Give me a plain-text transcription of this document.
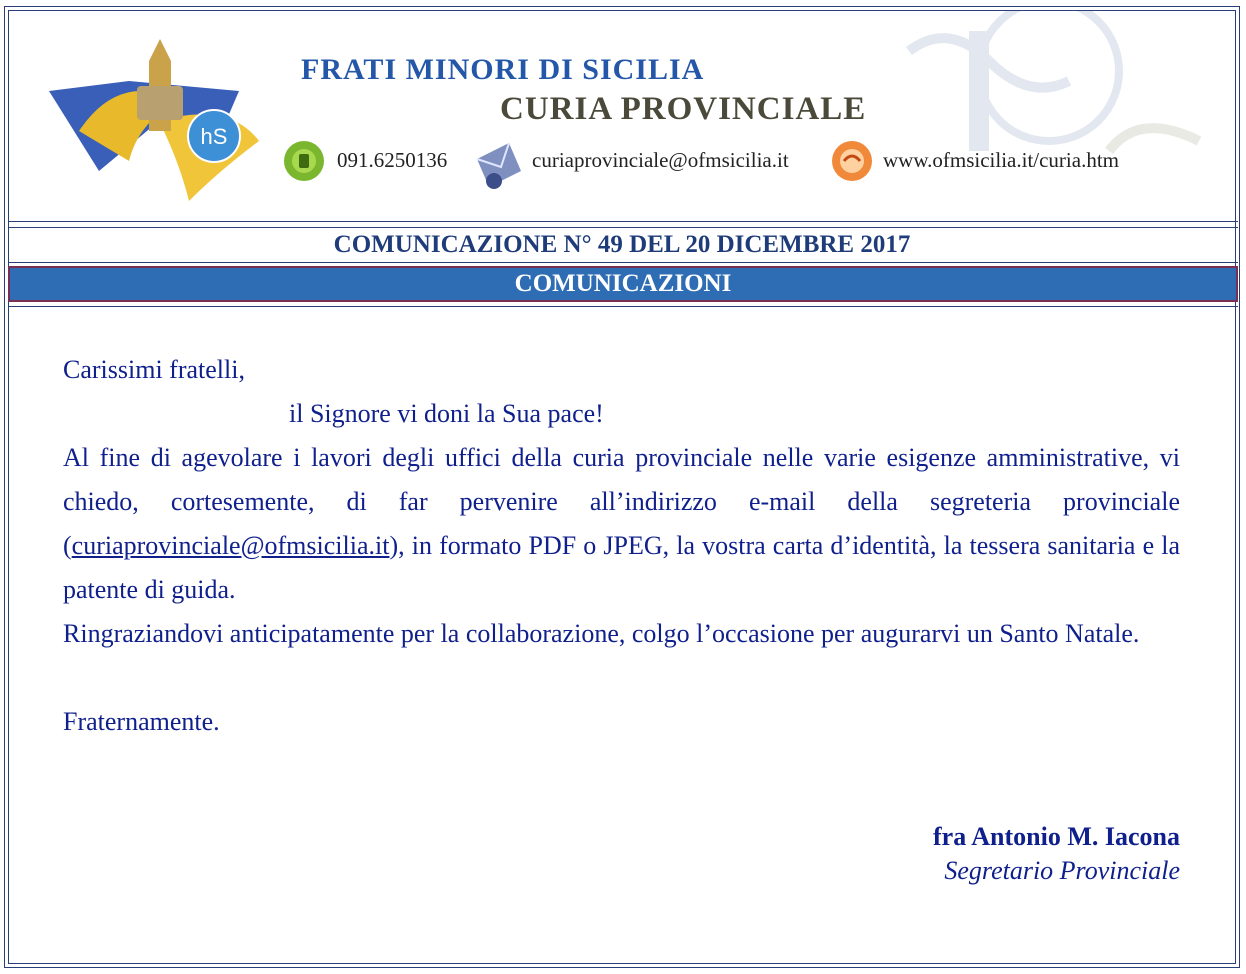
hS
FRATI MINORI DI SICILIA
CURIA PROVINCIALE
091.6250136	curiaprovinciale@ofmsicilia.it	www.ofmsicilia.it/curia.htm
COMUNICAZIONE N° 49 DEL 20 DICEMBRE 2017
COMUNICAZIONI

Carissimi fratelli,

il Signore vi doni la Sua pace!

Al fine di agevolare i lavori degli uffici della curia provinciale nelle varie esigenze amministrative, vi chiedo, cortesemente, di far pervenire all’indirizzo e-mail della segreteria provinciale (curiaprovinciale@ofmsicilia.it), in formato PDF o JPEG, la vostra carta d’identità, la tessera sanitaria e la patente di guida.

Ringraziandovi anticipatamente per la collaborazione, colgo l’occasione per augurarvi un Santo Natale.

Fraternamente.

fra Antonio M. Iacona
Segretario Provinciale
